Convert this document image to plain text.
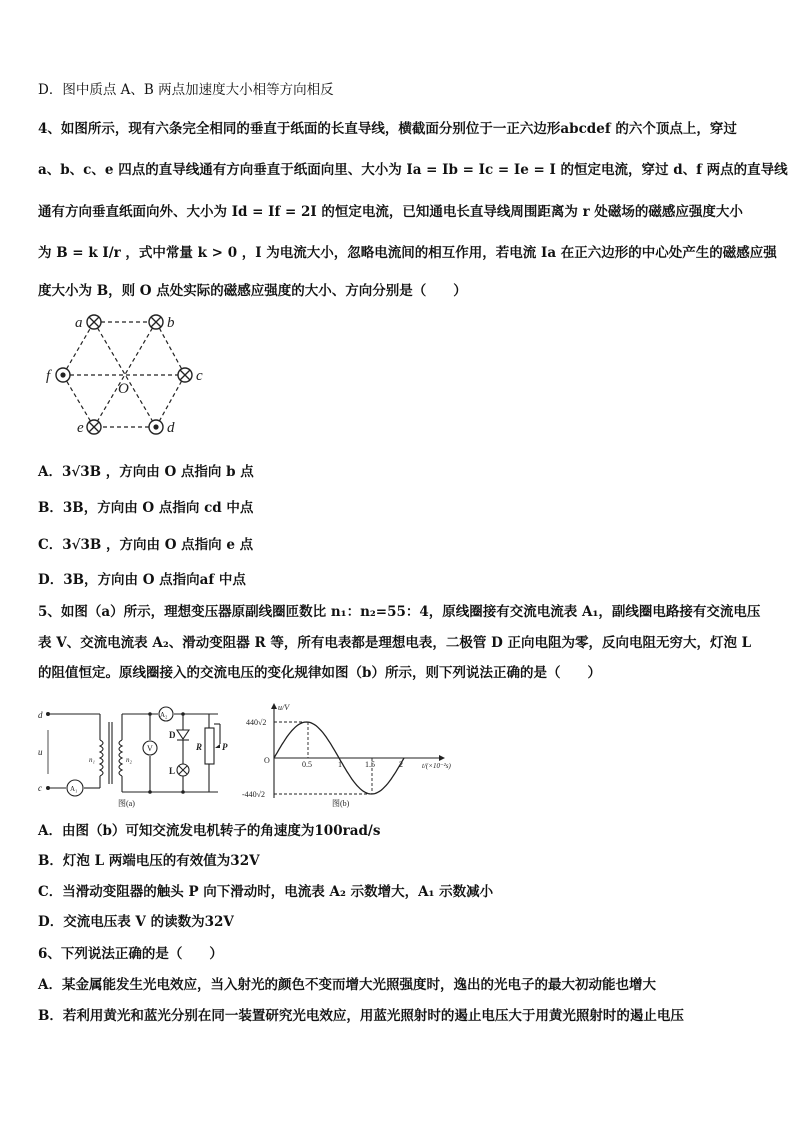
D．图中质点 A、B 两点加速度大小相等方向相反
4、如图所示，现有六条完全相同的垂直于纸面的长直导线，横截面分别位于一正六边形abcdef 的六个顶点上，穿过
a、b、c、e 四点的直导线通有方向垂直于纸面向里、大小为 Ia = Ib = Ic = Ie = I 的恒定电流，穿过 d、f 两点的直导线
通有方向垂直纸面向外、大小为 Id = If = 2I 的恒定电流，已知通电长直导线周围距离为 r 处磁场的磁感应强度大小
为 B = k I/r ，式中常量 k > 0 ，I 为电流大小，忽略电流间的相互作用，若电流 Ia 在正六边形的中心处产生的磁感应强
度大小为 B，则 O 点处实际的磁感应强度的大小、方向分别是（　　）
a	b
c
d
e
f
O
A．3√3B ，方向由 O 点指向 b 点
B．3B，方向由 O 点指向 cd 中点
C．3√3B ，方向由 O 点指向 e 点
D．3B，方向由 O 点指向af 中点
5、如图（a）所示，理想变压器原副线圈匝数比 n₁：n₂=55：4，原线圈接有交流电流表 A₁，副线圈电路接有交流电压
表 V、交流电流表 A₂、滑动变阻器 R 等，所有电表都是理想电表，二极管 D 正向电阻为零，反向电阻无穷大，灯泡 L
的阻值恒定。原线圈接入的交流电压的变化规律如图（b）所示，则下列说法正确的是（　　）
d
u
c	A₁
A₂
n₁	n₂
V
D
L
R P
图(a)
u/V
440√2
-440√2
O	0.5	1	1.5	2	t/(×10⁻²s)
图(b)
A．由图（b）可知交流发电机转子的角速度为100rad/s
B．灯泡 L 两端电压的有效值为32V
C．当滑动变阻器的触头 P 向下滑动时，电流表 A₂ 示数增大，A₁ 示数减小
D．交流电压表 V 的读数为32V
6、下列说法正确的是（　　）
A．某金属能发生光电效应，当入射光的颜色不变而增大光照强度时，逸出的光电子的最大初动能也增大
B．若利用黄光和蓝光分别在同一装置研究光电效应，用蓝光照射时的遏止电压大于用黄光照射时的遏止电压
